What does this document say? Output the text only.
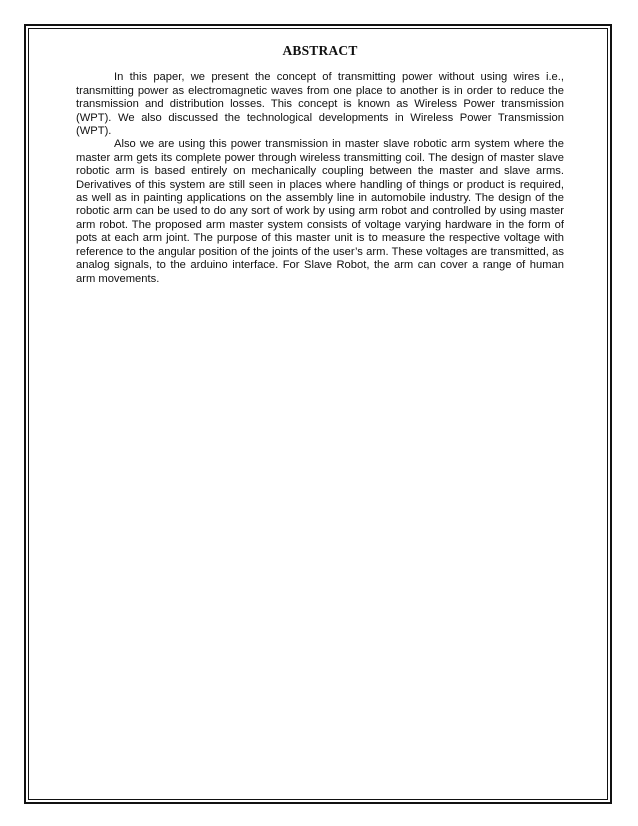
ABSTRACT

In this paper, we present the concept of transmitting power without using wires i.e., transmitting power as electromagnetic waves from one place to another is in order to reduce the transmission and distribution losses. This concept is known as Wireless Power transmission (WPT). We also discussed the technological developments in Wireless Power Transmission (WPT).

Also we are using this power transmission in master slave robotic arm system where the master arm gets its complete power through wireless transmitting coil. The design of master slave robotic arm is based entirely on mechanically coupling between the master and slave arms. Derivatives of this system are still seen in places where handling of things or product is required, as well as in painting applications on the assembly line in automobile industry. The design of the robotic arm can be used to do any sort of work by using arm robot and controlled by using master arm robot. The proposed arm master system consists of voltage varying hardware in the form of pots at each arm joint. The purpose of this master unit is to measure the respective voltage with reference to the angular position of the joints of the user’s arm. These voltages are transmitted, as analog signals, to the arduino interface. For Slave Robot, the arm can cover a range of human arm movements.
